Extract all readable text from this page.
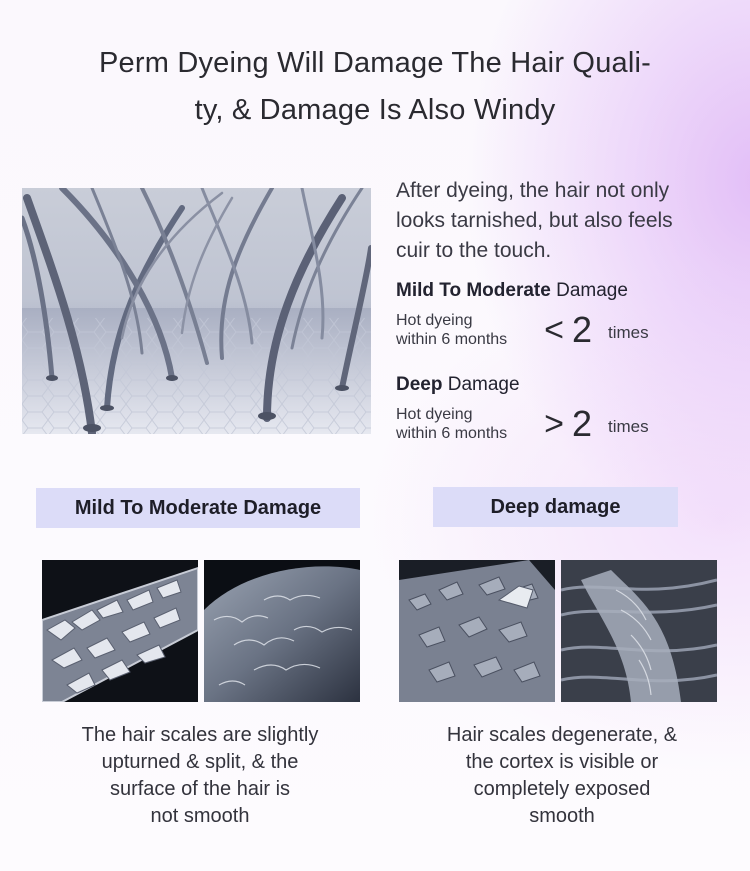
Perm Dyeing Will Damage The Hair Quali-
ty, & Damage Is Also Windy

After dyeing, the hair not only
looks tarnished, but also feels
cuir to the touch.

Mild To Moderate Damage
Hot dyeing
within 6 months	< 2 times
Deep Damage
Hot dyeing
within 6 months	> 2 times
Mild To Moderate Damage	Deep damage

The hair scales are slightly
upturned & split, & the
surface of the hair is
not smooth

Hair scales degenerate, &
the cortex is visible or
completely exposed
smooth
